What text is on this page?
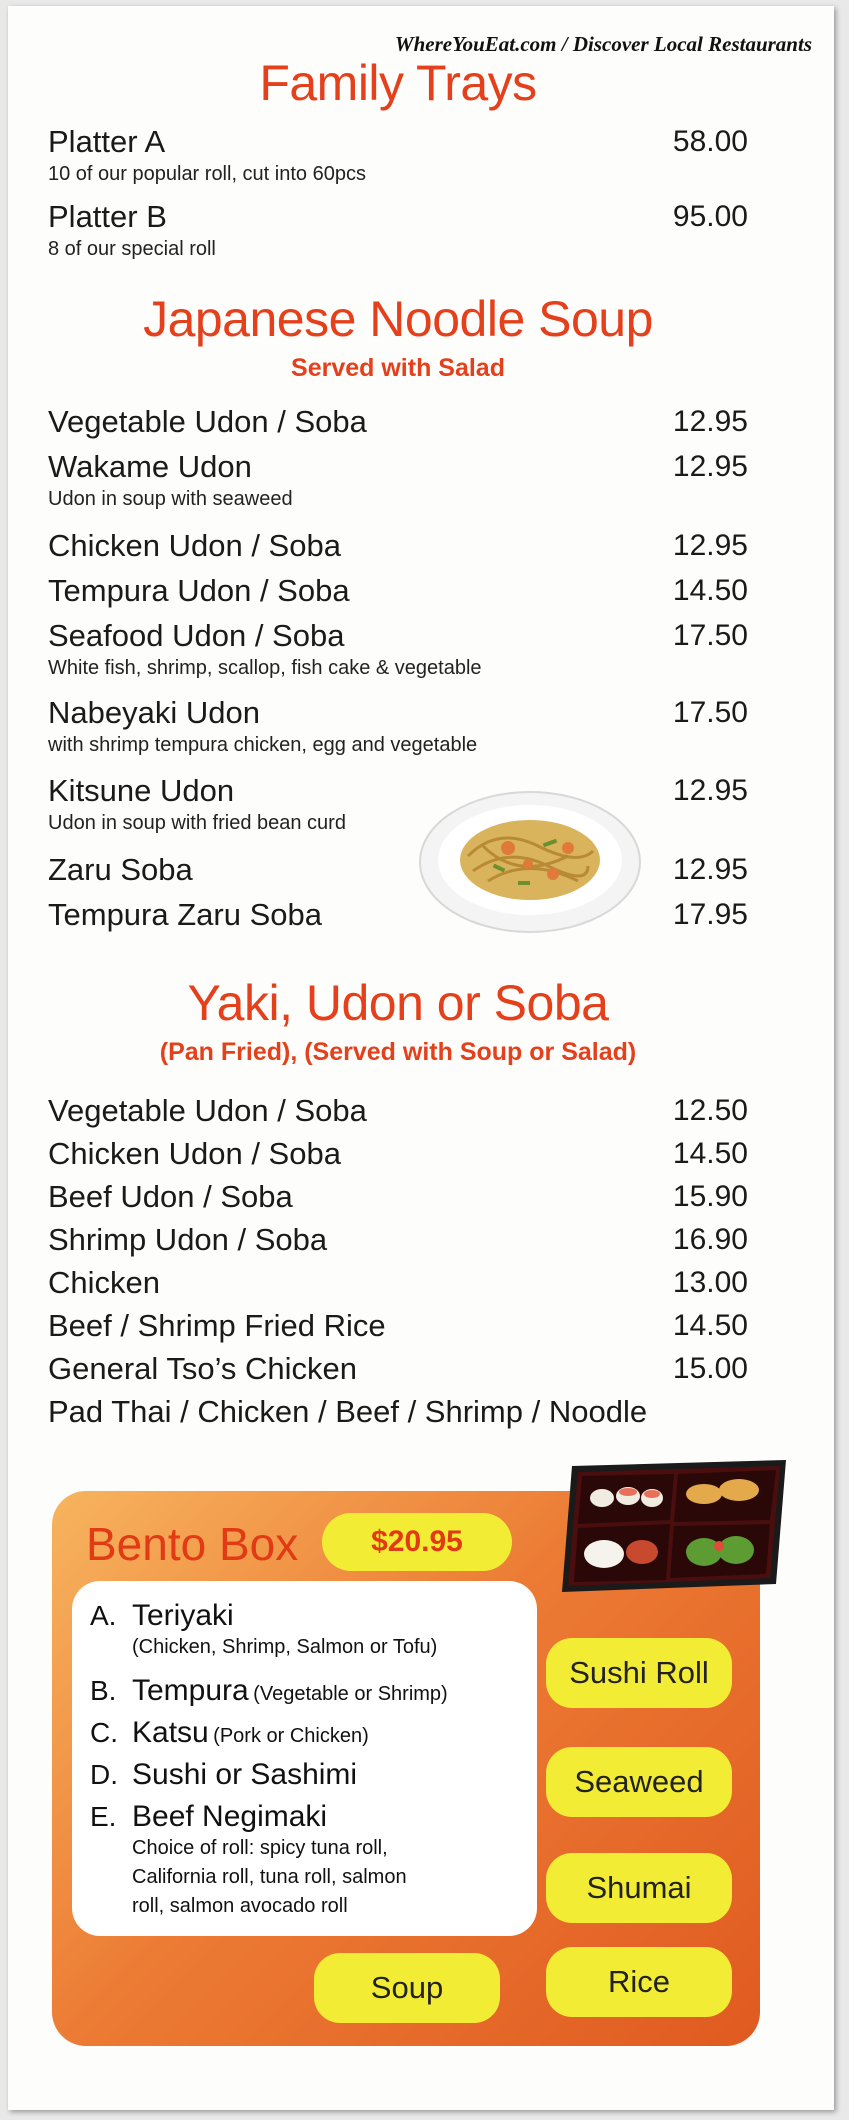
WhereYouEat.com / Discover Local Restaurants
Family Trays
Platter A	58.00
10 of our popular roll, cut into 60pcs
Platter B	95.00
8 of our special roll
Japanese Noodle Soup
Served with Salad
Vegetable Udon / Soba	12.95
Wakame Udon	12.95
Udon in soup with seaweed
Chicken Udon / Soba	12.95
Tempura Udon / Soba	14.50
Seafood Udon / Soba	17.50
White fish, shrimp, scallop, fish cake & vegetable
Nabeyaki Udon	17.50
with shrimp tempura chicken, egg and vegetable
Kitsune Udon	12.95
Udon in soup with fried bean curd
Zaru Soba	12.95
Tempura Zaru Soba	17.95
Yaki, Udon or Soba
(Pan Fried), (Served with Soup or Salad)
Vegetable Udon / Soba	12.50
Chicken Udon / Soba	14.50
Beef Udon / Soba	15.90
Shrimp Udon / Soba	16.90
Chicken	13.00
Beef / Shrimp Fried Rice	14.50
General Tso’s Chicken	15.00
Pad Thai / Chicken / Beef / Shrimp / Noodle
Bento Box	$20.95
A. Teriyaki
(Chicken, Shrimp, Salmon or Tofu)
B. Tempura (Vegetable or Shrimp)
C. Katsu (Pork or Chicken)
D. Sushi or Sashimi
E. Beef Negimaki
Choice of roll: spicy tuna roll,
California roll, tuna roll, salmon
roll, salmon avocado roll
Sushi Roll
Seaweed
Shumai
Rice
Soup
